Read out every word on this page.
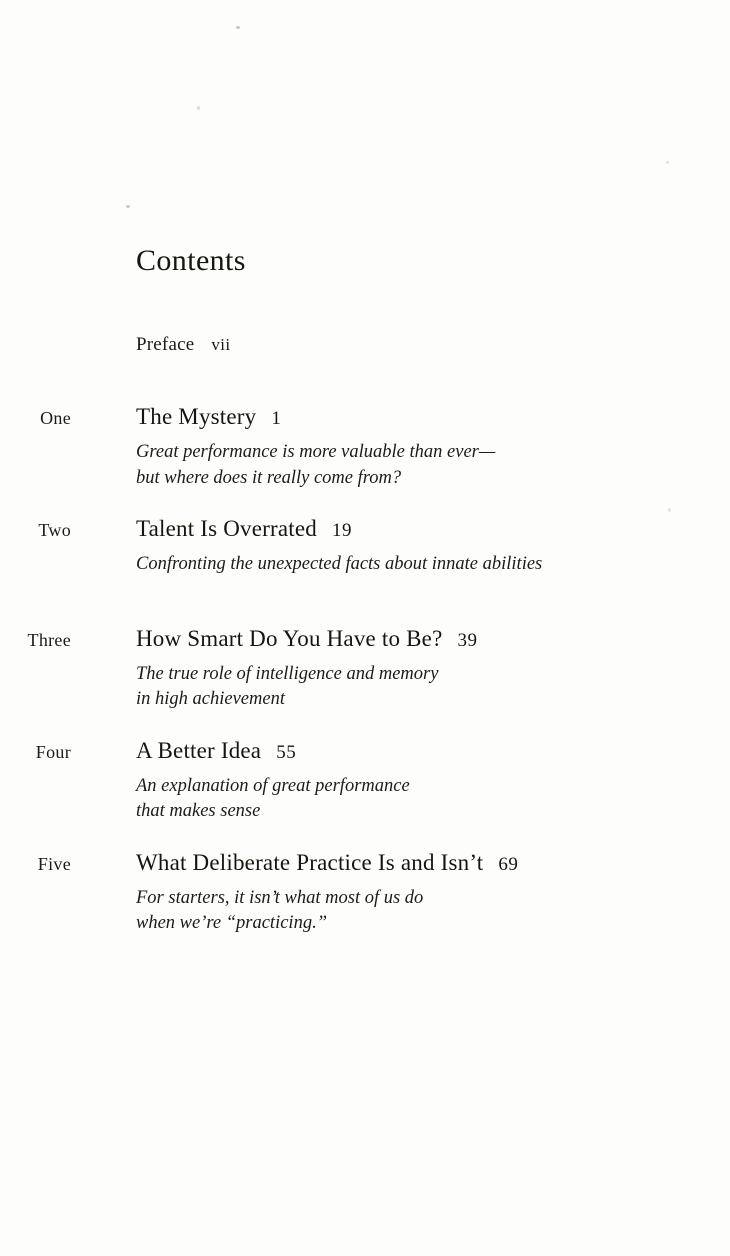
Contents
Preface vii
One	The Mystery 1
Great performance is more valuable than ever—
but where does it really come from?
Two	Talent Is Overrated 19
Confronting the unexpected facts about innate abilities
Three	How Smart Do You Have to Be? 39
The true role of intelligence and memory
in high achievement
Four	A Better Idea 55
An explanation of great performance
that makes sense
Five	What Deliberate Practice Is and Isn’t 69
For starters, it isn’t what most of us do
when we’re “practicing.”
